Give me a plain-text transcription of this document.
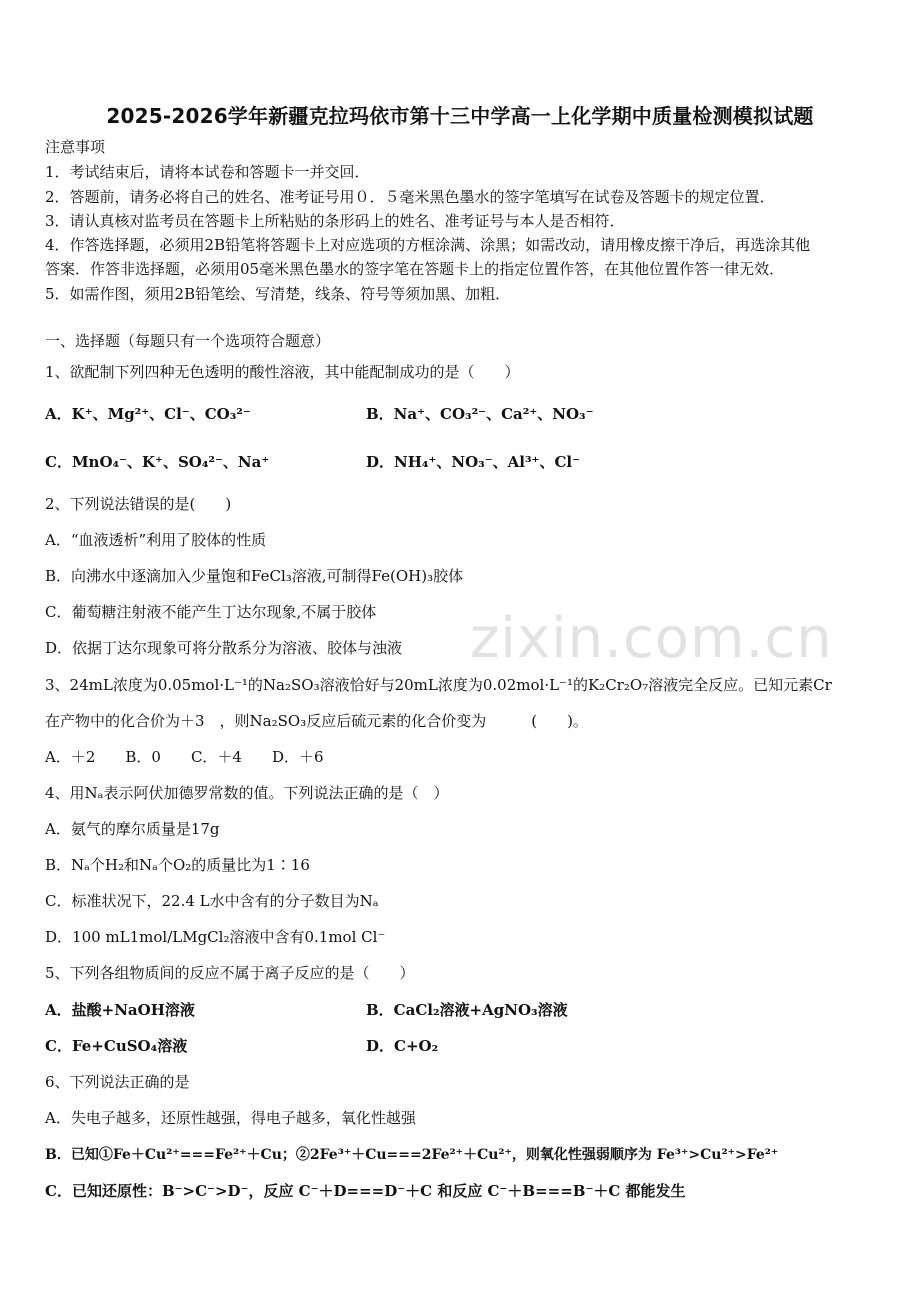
2025-2026学年新疆克拉玛依市第十三中学高一上化学期中质量检测模拟试题
注意事项
1．考试结束后，请将本试卷和答题卡一并交回．
2．答题前，请务必将自己的姓名、准考证号用０．５毫米黑色墨水的签字笔填写在试卷及答题卡的规定位置．
3．请认真核对监考员在答题卡上所粘贴的条形码上的姓名、准考证号与本人是否相符．
4．作答选择题，必须用2B铅笔将答题卡上对应选项的方框涂满、涂黑；如需改动，请用橡皮擦干净后，再选涂其他
答案．作答非选择题，必须用05毫米黑色墨水的签字笔在答题卡上的指定位置作答，在其他位置作答一律无效．
5．如需作图，须用2B铅笔绘、写清楚，线条、符号等须加黑、加粗．
一、选择题（每题只有一个选项符合题意）
1、欲配制下列四种无色透明的酸性溶液，其中能配制成功的是（　　）
A．K⁺、Mg²⁺、Cl⁻、CO₃²⁻	B．Na⁺、CO₃²⁻、Ca²⁺、NO₃⁻
C．MnO₄⁻、K⁺、SO₄²⁻、Na⁺	D．NH₄⁺、NO₃⁻、Al³⁺、Cl⁻
2、下列说法错误的是(　　)
A．“血液透析”利用了胶体的性质
B．向沸水中逐滴加入少量饱和FeCl₃溶液,可制得Fe(OH)₃胶体
C．葡萄糖注射液不能产生丁达尔现象,不属于胶体
D．依据丁达尔现象可将分散系分为溶液、胶体与浊液
3、24mL浓度为0.05mol·L⁻¹的Na₂SO₃溶液恰好与20mL浓度为0.02mol·L⁻¹的K₂Cr₂O₇溶液完全反应。已知元素Cr
在产物中的化合价为＋3　，则Na₂SO₃反应后硫元素的化合价变为　　　(　　)。
A．＋2　　B．0　　C．＋4　　D．＋6
4、用Nₐ表示阿伏加德罗常数的值。下列说法正确的是（　）
A．氨气的摩尔质量是17g
B．Nₐ个H₂和Nₐ个O₂的质量比为1∶16
C．标准状况下，22.4 L水中含有的分子数目为Nₐ
D．100 mL1mol/LMgCl₂溶液中含有0.1mol Cl⁻
5、下列各组物质间的反应不属于离子反应的是（　　）
A．盐酸+NaOH溶液	B．CaCl₂溶液+AgNO₃溶液
C．Fe+CuSO₄溶液	D．C+O₂
6、下列说法正确的是
A．失电子越多，还原性越强，得电子越多，氧化性越强
B．已知①Fe＋Cu²⁺===Fe²⁺＋Cu；②2Fe³⁺＋Cu===2Fe²⁺＋Cu²⁺，则氧化性强弱顺序为 Fe³⁺>Cu²⁺>Fe²⁺
C．已知还原性：B⁻>C⁻>D⁻，反应 C⁻＋D===D⁻＋C 和反应 C⁻＋B===B⁻＋C 都能发生
zixin.com.cn
